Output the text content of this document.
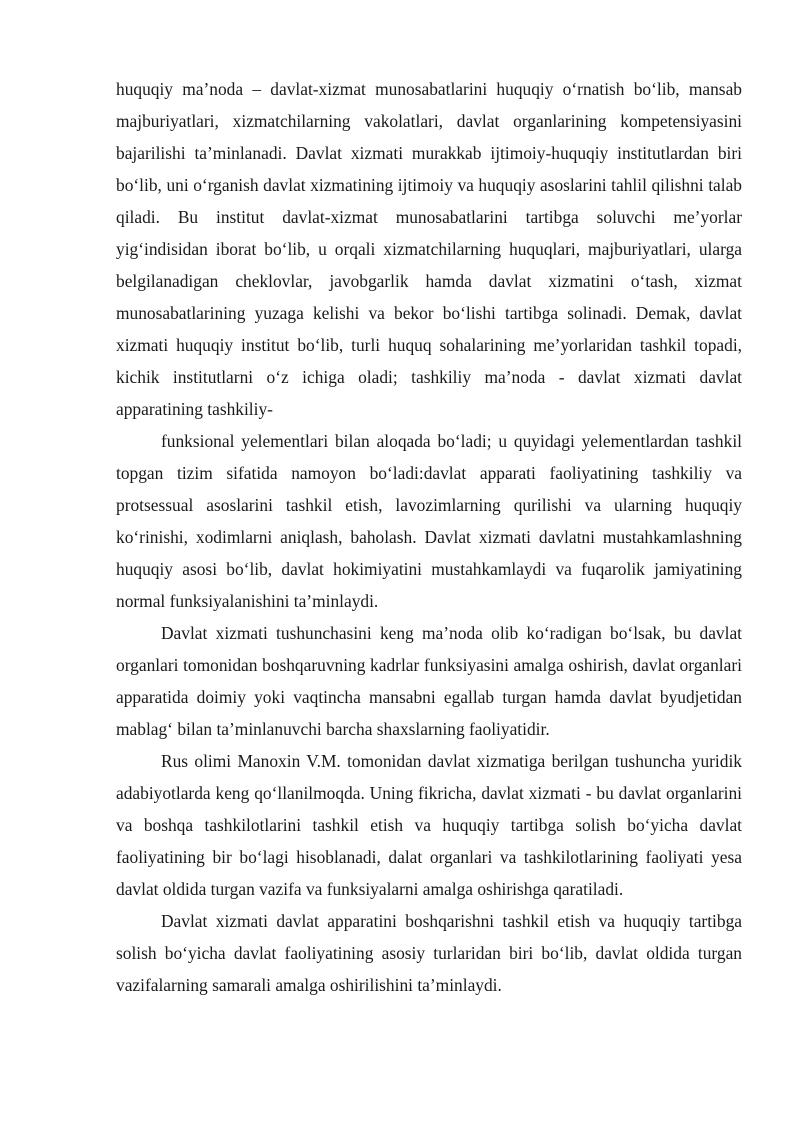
huquqiy ma’noda – davlat-xizmat munosabatlarini huquqiy o‘rnatish bo‘lib, mansab majburiyatlari, xizmatchilarning vakolatlari, davlat organlarining kompetensiyasini bajarilishi ta’minlanadi. Davlat xizmati murakkab ijtimoiy-huquqiy institutlardan biri bo‘lib, uni o‘rganish davlat xizmatining ijtimoiy va huquqiy asoslarini tahlil qilishni talab qiladi. Bu institut davlat-xizmat munosabatlarini tartibga soluvchi me’yorlar yig‘indisidan iborat bo‘lib, u orqali xizmatchilarning huquqlari, majburiyatlari, ularga belgilanadigan cheklovlar, javobgarlik hamda davlat xizmatini o‘tash, xizmat munosabatlarining yuzaga kelishi va bekor bo‘lishi tartibga solinadi. Demak, davlat xizmati huquqiy institut bo‘lib, turli huquq sohalarining me’yorlaridan tashkil topadi, kichik institutlarni o‘z ichiga oladi; tashkiliy ma’noda - davlat xizmati davlat apparatining tashkiliy-

funksional yelementlari bilan aloqada bo‘ladi; u quyidagi yelementlardan tashkil topgan tizim sifatida namoyon bo‘ladi:davlat apparati faoliyatining tashkiliy va protsessual asoslarini tashkil etish, lavozimlarning qurilishi va ularning huquqiy ko‘rinishi, xodimlarni aniqlash, baholash. Davlat xizmati davlatni mustahkamlashning huquqiy asosi bo‘lib, davlat hokimiyatini mustahkamlaydi va fuqarolik jamiyatining normal funksiyalanishini ta’minlaydi.

Davlat xizmati tushunchasini keng ma’noda olib ko‘radigan bo‘lsak, bu davlat organlari tomonidan boshqaruvning kadrlar funksiyasini amalga oshirish, davlat organlari apparatida doimiy yoki vaqtincha mansabni egallab turgan hamda davlat byudjetidan mablag‘ bilan ta’minlanuvchi barcha shaxslarning faoliyatidir.

Rus olimi Manoxin V.M. tomonidan davlat xizmatiga berilgan tushuncha yuridik adabiyotlarda keng qo‘llanilmoqda. Uning fikricha, davlat xizmati - bu davlat organlarini va boshqa tashkilotlarini tashkil etish va huquqiy tartibga solish bo‘yicha davlat faoliyatining bir bo‘lagi hisoblanadi, dalat organlari va tashkilotlarining faoliyati yesa davlat oldida turgan vazifa va funksiyalarni amalga oshirishga qaratiladi.

Davlat xizmati davlat apparatini boshqarishni tashkil etish va huquqiy tartibga solish bo‘yicha davlat faoliyatining asosiy turlaridan biri bo‘lib, davlat oldida turgan vazifalarning samarali amalga oshirilishini ta’minlaydi.
